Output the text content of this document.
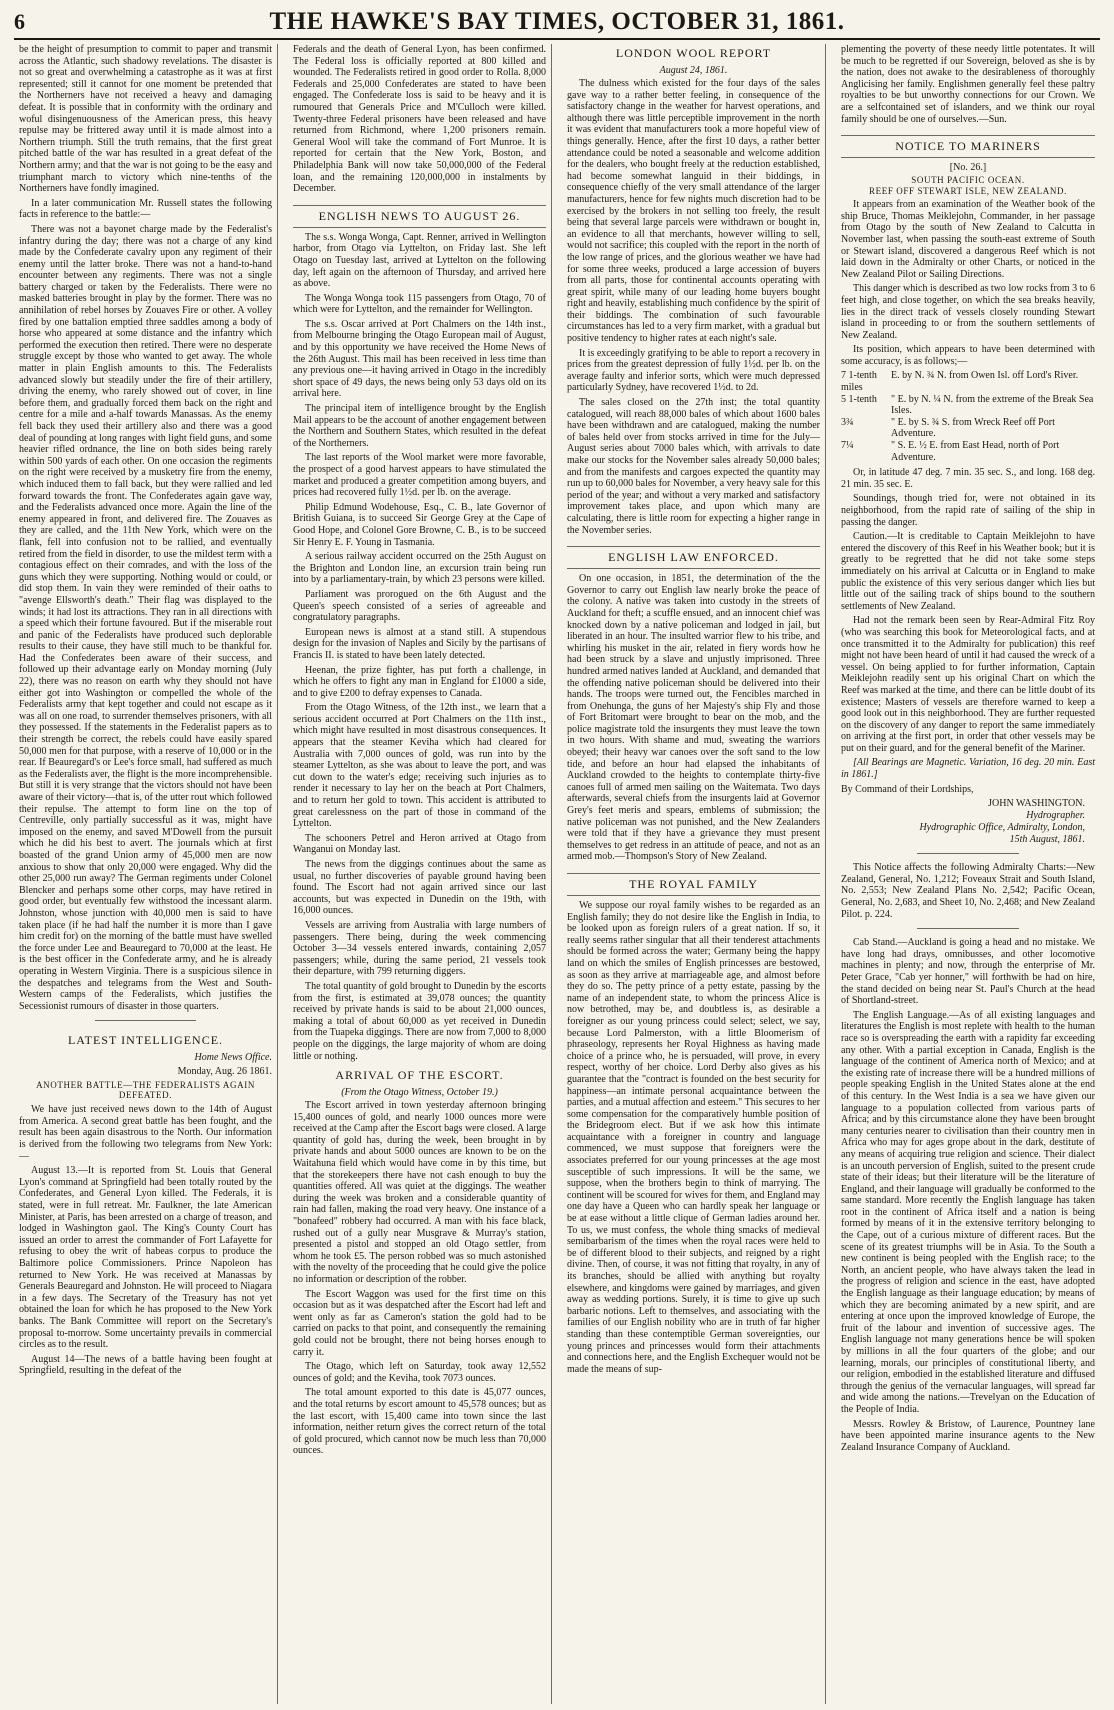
6	THE HAWKE'S BAY TIMES, OCTOBER 31, 1861.

be the height of presumption to commit to paper and transmit across the Atlantic, such shadowy revelations. The disaster is not so great and overwhelming a catastrophe as it was at first represented; still it cannot for one moment be pretended that the Northerners have not received a heavy and damaging defeat. It is possible that in conformity with the ordinary and woful disingenuousness of the American press, this heavy repulse may be frittered away until it is made almost into a Northern triumph. Still the truth remains, that the first great pitched battle of the war has resulted in a great defeat of the Northern army; and that the war is not going to be the easy and triumphant march to victory which nine-tenths of the Northerners have fondly imagined.

In a later communication Mr. Russell states the following facts in reference to the battle:—

There was not a bayonet charge made by the Federalist's infantry during the day; there was not a charge of any kind made by the Confederate cavalry upon any regiment of their enemy until the latter broke. There was not a hand-to-hand encounter between any regiments. There was not a single battery charged or taken by the Federalists. There were no masked batteries brought in play by the former. There was no annihilation of rebel horses by Zouaves Fire or other. A volley fired by one battalion emptied three saddles among a body of horse who appeared at some distance and the infantry which performed the execution then retired. There were no desperate struggle except by those who wanted to get away. The whole matter in plain English amounts to this. The Federalists advanced slowly but steadily under the fire of their artillery, driving the enemy, who rarely showed out of cover, in line before them, and gradually forced them back on the right and centre for a mile and a-half towards Manassas. As the enemy fell back they used their artillery also and there was a good deal of pounding at long ranges with light field guns, and some heavier rifled ordnance, the line on both sides being rarely within 500 yards of each other. On one occasion the regiments on the right were received by a musketry fire from the enemy, which induced them to fall back, but they were rallied and led forward towards the front. The Confederates again gave way, and the Federalists advanced once more. Again the line of the enemy appeared in front, and delivered fire. The Zouaves as they are called, and the 11th New York, which were on the flank, fell into confusion not to be rallied, and eventually retired from the field in disorder, to use the mildest term with a contagious effect on their comrades, and with the loss of the guns which they were supporting. Nothing would or could, or did stop them. In vain they were reminded of their oaths to "avenge Ellsworth's death." Their flag was displayed to the winds; it had lost its attractions. They ran in all directions with a speed which their fortune favoured. But if the miserable rout and panic of the Federalists have produced such deplorable results to their cause, they have still much to be thankful for. Had the Confederates been aware of their success, and followed up their advantage early on Monday morning (July 22), there was no reason on earth why they should not have either got into Washington or compelled the whole of the Federalists army that kept together and could not escape as it was all on one road, to surrender themselves prisoners, with all they possessed. If the statements in the Federalist papers as to their strength be correct, the rebels could have easily spared 50,000 men for that purpose, with a reserve of 10,000 or in the rear. If Beauregard's or Lee's force small, had suffered as much as the Federalists aver, the flight is the more incomprehensible. But still it is very strange that the victors should not have been aware of their victory—that is, of the utter rout which followed their repulse. The attempt to form line on the top of Centreville, only partially successful as it was, might have imposed on the enemy, and saved M'Dowell from the pursuit which he did his best to avert. The journals which at first boasted of the grand Union army of 45,000 men are now anxious to show that only 20,000 were engaged. Why did the other 25,000 run away? The German regiments under Colonel Blencker and perhaps some other corps, may have retired in good order, but eventually few withstood the incessant alarm. Johnston, whose junction with 40,000 men is said to have taken place (if he had half the number it is more than I gave him credit for) on the morning of the battle must have swelled the force under Lee and Beauregard to 70,000 at the least. He is the best officer in the Confederate army, and he is already operating in Western Virginia. There is a suspicious silence in the despatches and telegrams from the West and South-Western camps of the Federalists, which justifies the Secessionist rumours of disaster in those quarters.

LATEST INTELLIGENCE.
Home News Office.
Monday, Aug. 26 1861.
ANOTHER BATTLE—THE FEDERALISTS AGAIN DEFEATED.

We have just received news down to the 14th of August from America. A second great battle has been fought, and the result has been again disastrous to the North. Our information is derived from the following two telegrams from New York:—

August 13.—It is reported from St. Louis that General Lyon's command at Springfield had been totally routed by the Confederates, and General Lyon killed. The Federals, it is stated, were in full retreat. Mr. Faulkner, the late American Minister, at Paris, has been arrested on a charge of treason, and lodged in Washington gaol. The King's County Court has issued an order to arrest the commander of Fort Lafayette for refusing to obey the writ of habeas corpus to produce the Baltimore police Commissioners. Prince Napoleon has returned to New York. He was received at Manassas by Generals Beauregard and Johnston. He will proceed to Niagara in a few days. The Secretary of the Treasury has not yet obtained the loan for which he has proposed to the New York banks. The Bank Committee will report on the Secretary's proposal to-morrow. Some uncertainty prevails in commercial circles as to the result.

August 14—The news of a battle having been fought at Springfield, resulting in the defeat of the

Federals and the death of General Lyon, has been confirmed. The Federal loss is officially reported at 800 killed and wounded. The Federalists retired in good order to Rolla. 8,000 Federals and 25,000 Confederates are stated to have been engaged. The Confederate loss is said to be heavy and it is rumoured that Generals Price and M'Culloch were killed. Twenty-three Federal prisoners have been released and have returned from Richmond, where 1,200 prisoners remain. General Wool will take the command of Fort Munroe. It is reported for certain that the New York, Boston, and Philadelphia Bank will now take 50,000,000 of the Federal loan, and the remaining 120,000,000 in instalments by December.

ENGLISH NEWS TO AUGUST 26.

The s.s. Wonga Wonga, Capt. Renner, arrived in Wellington harbor, from Otago via Lyttelton, on Friday last. She left Otago on Tuesday last, arrived at Lyttelton on the following day, left again on the afternoon of Thursday, and arrived here as above.

The Wonga Wonga took 115 passengers from Otago, 70 of which were for Lyttelton, and the remainder for Wellington.

The s.s. Oscar arrived at Port Chalmers on the 14th inst., from Melbourne bringing the Otago European mail of August, and by this opportunity we have received the Home News of the 26th August. This mail has been received in less time than any previous one—it having arrived in Otago in the incredibly short space of 49 days, the news being only 53 days old on its arrival here.

The principal item of intelligence brought by the English Mail appears to be the account of another engagement between the Northern and Southern States, which resulted in the defeat of the Northerners.

The last reports of the Wool market were more favorable, the prospect of a good harvest appears to have stimulated the market and produced a greater competition among buyers, and prices had recovered fully 1½d. per lb. on the average.

Philip Edmund Wodehouse, Esq., C. B., late Governor of British Guiana, is to succeed Sir George Grey at the Cape of Good Hope, and Colonel Gore Browne, C. B., is to be succeed Sir Henry E. F. Young in Tasmania.

A serious railway accident occurred on the 25th August on the Brighton and London line, an excursion train being run into by a parliamentary-train, by which 23 persons were killed.

Parliament was prorogued on the 6th August and the Queen's speech consisted of a series of agreeable and congratulatory paragraphs.

European news is almost at a stand still. A stupendous design for the invasion of Naples and Sicily by the partisans of Francis II. is stated to have been lately detected.

Heenan, the prize fighter, has put forth a challenge, in which he offers to fight any man in England for £1000 a side, and to give £200 to defray expenses to Canada.

From the Otago Witness, of the 12th inst., we learn that a serious accident occurred at Port Chalmers on the 11th inst., which might have resulted in most disastrous consequences. It appears that the steamer Keviha which had cleared for Australia with 7,000 ounces of gold, was run into by the steamer Lyttelton, as she was about to leave the port, and was cut down to the water's edge; receiving such injuries as to render it necessary to lay her on the beach at Port Chalmers, and to return her gold to town. This accident is attributed to great carelessness on the part of those in command of the Lyttelton.

The schooners Petrel and Heron arrived at Otago from Wanganui on Monday last.

The news from the diggings continues about the same as usual, no further discoveries of payable ground having been found. The Escort had not again arrived since our last accounts, but was expected in Dunedin on the 19th, with 16,000 ounces.

Vessels are arriving from Australia with large numbers of passengers. There being, during the week commencing October 3—34 vessels entered inwards, containing 2,057 passengers; while, during the same period, 21 vessels took their departure, with 799 returning diggers.

The total quantity of gold brought to Dunedin by the escorts from the first, is estimated at 39,078 ounces; the quantity received by private hands is said to be about 21,000 ounces, making a total of about 60,000 as yet received in Dunedin from the Tuapeka diggings. There are now from 7,000 to 8,000 people on the diggings, the large majority of whom are doing little or nothing.

ARRIVAL OF THE ESCORT.
(From the Otago Witness, October 19.)

The Escort arrived in town yesterday afternoon bringing 15,400 ounces of gold, and nearly 1000 ounces more were received at the Camp after the Escort bags were closed. A large quantity of gold has, during the week, been brought in by private hands and about 5000 ounces are known to be on the Waitahuna field which would have come in by this time, but that the storekeepers there have not cash enough to buy the quantities offered. All was quiet at the diggings. The weather during the week was broken and a considerable quantity of rain had fallen, making the road very heavy. One instance of a "bonafeed" robbery had occurred. A man with his face black, rushed out of a gully near Musgrave & Murray's station, presented a pistol and stopped an old Otago settler, from whom he took £5. The person robbed was so much astonished with the novelty of the proceeding that he could give the police no information or description of the robber.

The Escort Waggon was used for the first time on this occasion but as it was despatched after the Escort had left and went only as far as Cameron's station the gold had to be carried on packs to that point, and consequently the remaining gold could not be brought, there not being horses enough to carry it.

The Otago, which left on Saturday, took away 12,552 ounces of gold; and the Keviha, took 7073 ounces.

The total amount exported to this date is 45,077 ounces, and the total returns by escort amount to 45,578 ounces; but as the last escort, with 15,400 came into town since the last information, neither return gives the correct return of the total of gold procured, which cannot now be much less than 70,000 ounces.

LONDON WOOL REPORT
August 24, 1861.

The dulness which existed for the four days of the sales gave way to a rather better feeling, in consequence of the satisfactory change in the weather for harvest operations, and although there was little perceptible improvement in the north it was evident that manufacturers took a more hopeful view of things generally. Hence, after the first 10 days, a rather better attendance could be noted a seasonable and welcome addition for the dealers, who bought freely at the reduction established, had become somewhat languid in their biddings, in consequence chiefly of the very small attendance of the larger manufacturers, hence for few nights much discretion had to be exercised by the brokers in not selling too freely, the result being that several large parcels were withdrawn or bought in, an evidence to all that merchants, however willing to sell, would not sacrifice; this coupled with the report in the north of the low range of prices, and the glorious weather we have had for some three weeks, produced a large accession of buyers from all parts, those for continental accounts operating with great spirit, while many of our leading home buyers bought right and heavily, establishing much confidence by the spirit of their biddings. The combination of such favourable circumstances has led to a very firm market, with a gradual but positive tendency to higher rates at each night's sale.

It is exceedingly gratifying to be able to report a recovery in prices from the greatest depression of fully 1½d. per lb. on the average faulty and inferior sorts, which were much depressed particularly Sydney, have recovered 1½d. to 2d.

The sales closed on the 27th inst; the total quantity catalogued, will reach 88,000 bales of which about 1600 bales have been withdrawn and are catalogued, making the number of bales held over from stocks arrived in time for the July—August series about 7000 bales which, with arrivals to date make our stocks for the November sales already 50,000 bales; and from the manifests and cargoes expected the quantity may run up to 60,000 bales for November, a very heavy sale for this period of the year; and without a very marked and satisfactory improvement takes place, and upon which many are calculating, there is little room for expecting a higher range in the November series.

ENGLISH LAW ENFORCED.

On one occasion, in 1851, the determination of the the Governor to carry out English law nearly broke the peace of the colony. A native was taken into custody in the streets of Auckland for theft; a scuffle ensued, and an innocent chief was knocked down by a native policeman and lodged in jail, but liberated in an hour. The insulted warrior flew to his tribe, and whirling his musket in the air, related in fiery words how he had been struck by a slave and unjustly imprisoned. Three hundred armed natives landed at Auckland, and demanded that the offending native policeman should be delivered into their hands. The troops were turned out, the Fencibles marched in from Onehunga, the guns of her Majesty's ship Fly and those of Fort Britomart were brought to bear on the mob, and the police magistrate told the insurgents they must leave the town in two hours. With shame and mud, sweating the warriors obeyed; their heavy war canoes over the soft sand to the low tide, and before an hour had elapsed the inhabitants of Auckland crowded to the heights to contemplate thirty-five canoes full of armed men sailing on the Waitemata. Two days afterwards, several chiefs from the insurgents laid at Governor Grey's feet meris and spears, emblems of submission; the native policeman was not punished, and the New Zealanders were told that if they have a grievance they must present themselves to get redress in an attitude of peace, and not as an armed mob.—Thompson's Story of New Zealand.

THE ROYAL FAMILY

We suppose our royal family wishes to be regarded as an English family; they do not desire like the English in India, to be looked upon as foreign rulers of a great nation. If so, it really seems rather singular that all their tenderest attachments should be formed across the water; Germany being the happy land on which the smiles of English princesses are bestowed, as soon as they arrive at marriageable age, and almost before they do so. The petty prince of a petty estate, passing by the name of an independent state, to whom the princess Alice is now betrothed, may be, and doubtless is, as desirable a foreigner as our young princess could select; select, we say, because Lord Palmerston, with a little Bloomerism of phraseology, represents her Royal Highness as having made choice of a prince who, he is persuaded, will prove, in every respect, worthy of her choice. Lord Derby also gives as his guarantee that the "contract is founded on the best security for happiness—an intimate personal acquaintance between the parties, and a mutual affection and esteem." This secures to her some compensation for the comparatively humble position of the Bridegroom elect. But if we ask how this intimate acquaintance with a foreigner in country and language commenced, we must suppose that foreigners were the associates preferred for our young princesses at the age most susceptible of such impressions. It will be the same, we suppose, when the brothers begin to think of marrying. The continent will be scoured for wives for them, and England may one day have a Queen who can hardly speak her language or be at ease without a little clique of German ladies around her. To us, we must confess, the whole thing smacks of medieval semibarbarism of the times when the royal races were held to be of different blood to their subjects, and reigned by a right divine. Then, of course, it was not fitting that royalty, in any of its branches, should be allied with anything but royalty elsewhere, and kingdoms were gained by marriages, and given away as wedding portions. Surely, it is time to give up such barbaric notions. Left to themselves, and associating with the families of our English nobility who are in truth of far higher standing than these contemptible German sovereignties, our young princes and princesses would form their attachments and connections here, and the English Exchequer would not be made the means of sup-

plementing the poverty of these needy little potentates. It will be much to be regretted if our Sovereign, beloved as she is by the nation, does not awake to the desirableness of thoroughly Anglicising her family. Englishmen generally feel these paltry royalties to be but unworthy connections for our Crown. We are a selfcontained set of islanders, and we think our royal family should be one of ourselves.—Sun.

NOTICE TO MARINERS
[No. 26.]
SOUTH PACIFIC OCEAN.
REEF OFF STEWART ISLE, NEW ZEALAND.

It appears from an examination of the Weather book of the ship Bruce, Thomas Meiklejohn, Commander, in her passage from Otago by the south of New Zealand to Calcutta in November last, when passing the south-east extreme of South or Stewart island, discovered a dangerous Reef which is not laid down in the Admiralty or other Charts, or noticed in the New Zealand Pilot or Sailing Directions.

This danger which is described as two low rocks from 3 to 6 feet high, and close together, on which the sea breaks heavily, lies in the direct track of vessels closely rounding Stewart island in proceeding to or from the southern settlements of New Zealand.

Its position, which appears to have been determined with some accuracy, is as follows;—

7 1-tenth miles
E. by N. ¾ N. from Owen Isl. off Lord's River.
5 1-tenth	" E. by N. ¼ N. from the extreme of the Break Sea Isles.
3¾	" E. by S. ¾ S. from Wreck Reef off Port Adventure.
7¼	" S. E. ½ E. from East Head, north of Port Adventure.

Or, in latitude 47 deg. 7 min. 35 sec. S., and long. 168 deg. 21 min. 35 sec. E.

Soundings, though tried for, were not obtained in its neighborhood, from the rapid rate of sailing of the ship in passing the danger.

Caution.—It is creditable to Captain Meiklejohn to have entered the discovery of this Reef in his Weather book; but it is greatly to be regretted that he did not take some steps immediately on his arrival at Calcutta or in England to make public the existence of this very serious danger which lies but little out of the sailing track of ships bound to the southern settlements of New Zealand.

Had not the remark been seen by Rear-Admiral Fitz Roy (who was searching this book for Meteorological facts, and at once transmitted it to the Admiralty for publication) this reef might not have been heard of until it had caused the wreck of a vessel. On being applied to for further information, Captain Meiklejohn readily sent up his original Chart on which the Reef was marked at the time, and there can be little doubt of its existence; Masters of vessels are therefore warned to keep a good look out in this neighborhood. They are further requested on the discovery of any danger to report the same immediately on arriving at the first port, in order that other vessels may be put on their guard, and for the general benefit of the Mariner.

[All Bearings are Magnetic. Variation, 16 deg. 20 min. East in 1861.]

By Command of their Lordships,

JOHN WASHINGTON.
Hydrographer.
Hydrographic Office, Admiralty, London,
15th August, 1861.

This Notice affects the following Admiralty Charts:—New Zealand, General, No. 1,212; Foveaux Strait and South Island, No. 2,553; New Zealand Plans No. 2,542; Pacific Ocean, General, No. 2,683, and Sheet 10, No. 2,468; and New Zealand Pilot. p. 224.

Cab Stand.—Auckland is going a head and no mistake. We have long had drays, omnibusses, and other locomotive machines in plenty; and now, through the enterprise of Mr. Peter Grace, "Cab yer honner," will forthwith be had on hire, the stand decided on being near St. Paul's Church at the head of Shortland-street.

The English Language.—As of all existing languages and literatures the English is most replete with health to the human race so is overspreading the earth with a rapidity far exceeding any other. With a partial exception in Canada, English is the language of the continent of America north of Mexico; and at the existing rate of increase there will be a hundred millions of people speaking English in the United States alone at the end of this century. In the West India is a sea we have given our language to a population collected from various parts of Africa; and by this circumstance alone they have been brought many centuries nearer to civilisation than their country men in Africa who may for ages grope about in the dark, destitute of any means of acquiring true religion and science. Their dialect is an uncouth perversion of English, suited to the present crude state of their ideas; but their literature will be the literature of England, and their language will gradually be conformed to the same standard. More recently the English language has taken root in the continent of Africa itself and a nation is being formed by means of it in the extensive territory belonging to the Cape, out of a curious mixture of different races. But the scene of its greatest triumphs will be in Asia. To the South a new continent is being peopled with the English race; to the North, an ancient people, who have always taken the lead in the progress of religion and science in the east, have adopted the English language as their language education; by means of which they are becoming animated by a new spirit, and are entering at once upon the improved knowledge of Europe, the fruit of the labour and invention of successive ages. The English language not many generations hence be will spoken by millions in all the four quarters of the globe; and our learning, morals, our principles of constitutional liberty, and our religion, embodied in the established literature and diffused through the genius of the vernacular languages, will spread far and wide among the nations.—Trevelyan on the Education of the People of India.

Messrs. Rowley & Bristow, of Laurence, Pountney lane have been appointed marine insurance agents to the New Zealand Insurance Company of Auckland.
